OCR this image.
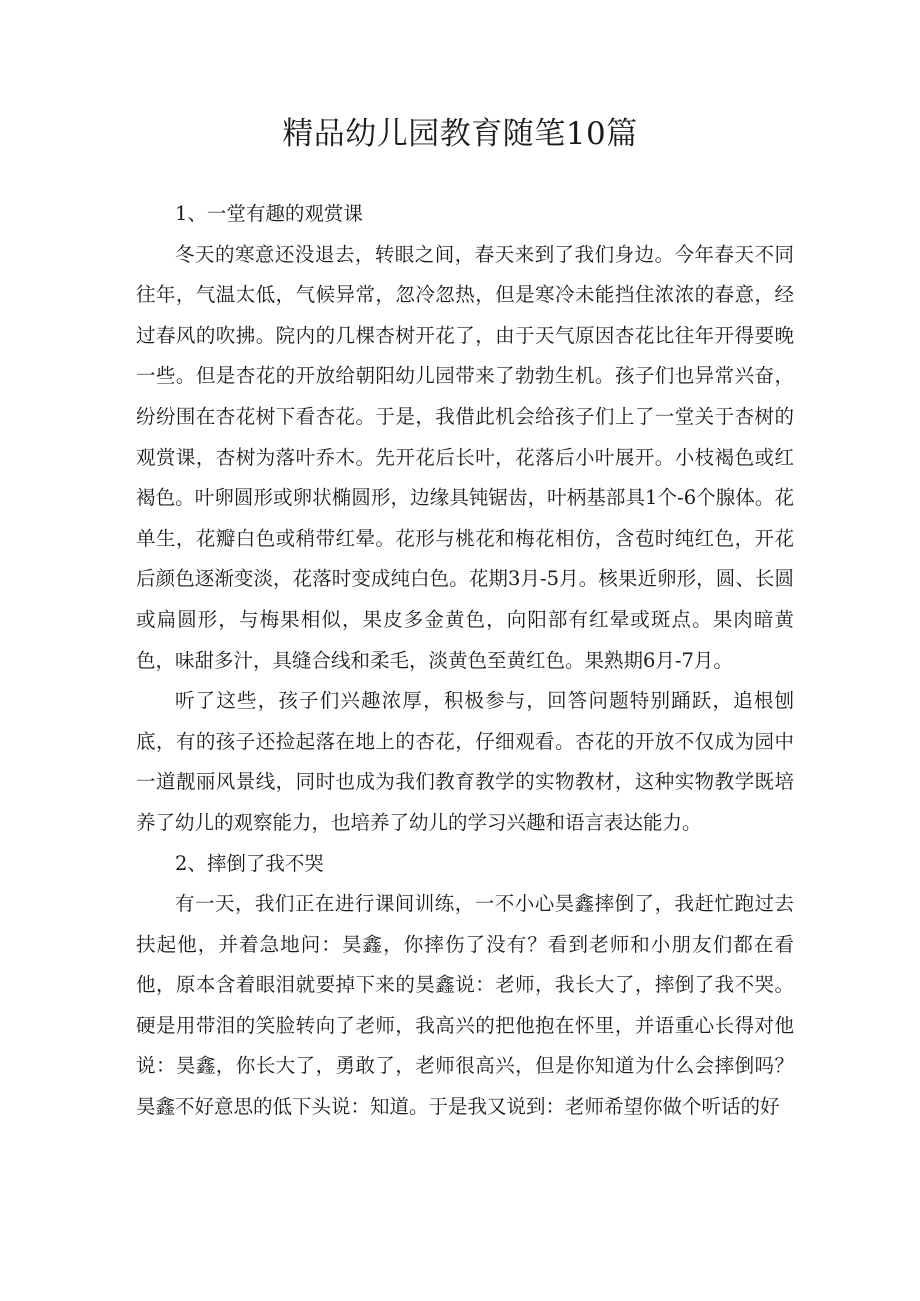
精品幼儿园教育随笔10篇

1、一堂有趣的观赏课

冬天的寒意还没退去，转眼之间，春天来到了我们身边。今年春天不同往年，气温太低，气候异常，忽冷忽热，但是寒冷未能挡住浓浓的春意，经过春风的吹拂。院内的几棵杏树开花了，由于天气原因杏花比往年开得要晚一些。但是杏花的开放给朝阳幼儿园带来了勃勃生机。孩子们也异常兴奋，纷纷围在杏花树下看杏花。于是，我借此机会给孩子们上了一堂关于杏树的观赏课，杏树为落叶乔木。先开花后长叶，花落后小叶展开。小枝褐色或红褐色。叶卵圆形或卵状椭圆形，边缘具钝锯齿，叶柄基部具1个-6个腺体。花单生，花瓣白色或稍带红晕。花形与桃花和梅花相仿，含苞时纯红色，开花后颜色逐渐变淡，花落时变成纯白色。花期3月-5月。核果近卵形，圆、长圆或扁圆形，与梅果相似，果皮多金黄色，向阳部有红晕或斑点。果肉暗黄色，味甜多汁，具缝合线和柔毛，淡黄色至黄红色。果熟期6月-7月。

听了这些，孩子们兴趣浓厚，积极参与，回答问题特别踊跃，追根刨底，有的孩子还捡起落在地上的杏花，仔细观看。杏花的开放不仅成为园中一道靓丽风景线，同时也成为我们教育教学的实物教材，这种实物教学既培养了幼儿的观察能力，也培养了幼儿的学习兴趣和语言表达能力。

2、摔倒了我不哭

有一天，我们正在进行课间训练，一不小心昊鑫摔倒了，我赶忙跑过去扶起他，并着急地问：昊鑫，你摔伤了没有？看到老师和小朋友们都在看他，原本含着眼泪就要掉下来的昊鑫说：老师，我长大了，摔倒了我不哭。硬是用带泪的笑脸转向了老师，我高兴的把他抱在怀里，并语重心长得对他说：昊鑫，你长大了，勇敢了，老师很高兴，但是你知道为什么会摔倒吗？昊鑫不好意思的低下头说：知道。于是我又说到：老师希望你做个听话的好
